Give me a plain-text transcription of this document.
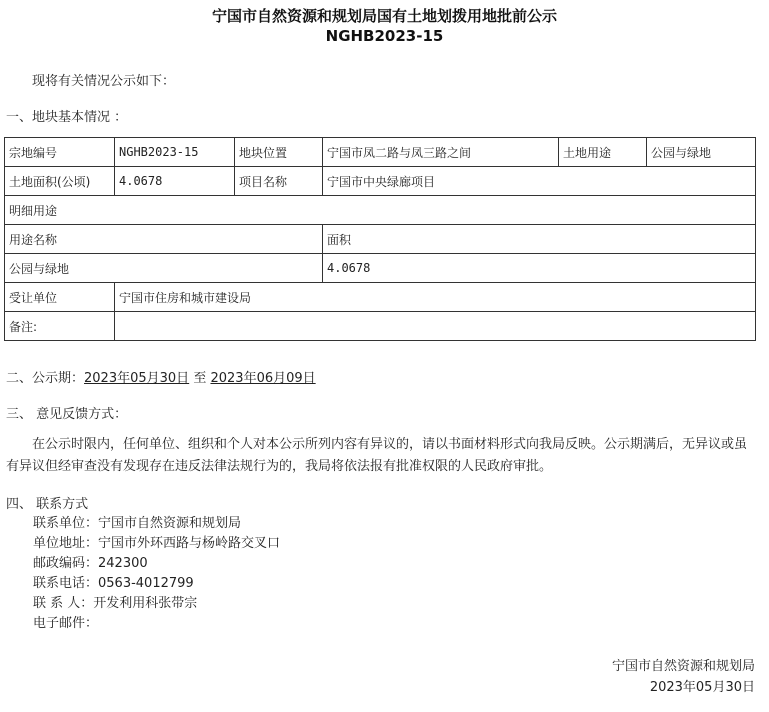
宁国市自然资源和规划局国有土地划拨用地批前公示
NGHB2023-15
现将有关情况公示如下：
一、地块基本情况 ：
宗地编号	NGHB2023-15	地块位置	宁国市凤二路与凤三路之间	土地用途	公园与绿地
土地面积(公顷)	4.0678	项目名称	宁国市中央绿廊项目		
明细用途					
用途名称			面积		
公园与绿地			4.0678		
受让单位	宁国市住房和城市建设局				
备注:					
二、公示期：2023年05月30日 至 2023年06月09日
三、 意见反馈方式：
在公示时限内，任何单位、组织和个人对本公示所列内容有异议的，请以书面材料形式向我局反映。公示期满后，无异议或虽有异议但经审查没有发现存在违反法律法规行为的，我局将依法报有批准权限的人民政府审批。
四、 联系方式
联系单位：宁国市自然资源和规划局
单位地址：宁国市外环西路与杨岭路交叉口
邮政编码：242300
联系电话：0563-4012799
联 系 人：开发利用科张带宗
电子邮件：
宁国市自然资源和规划局
2023年05月30日
